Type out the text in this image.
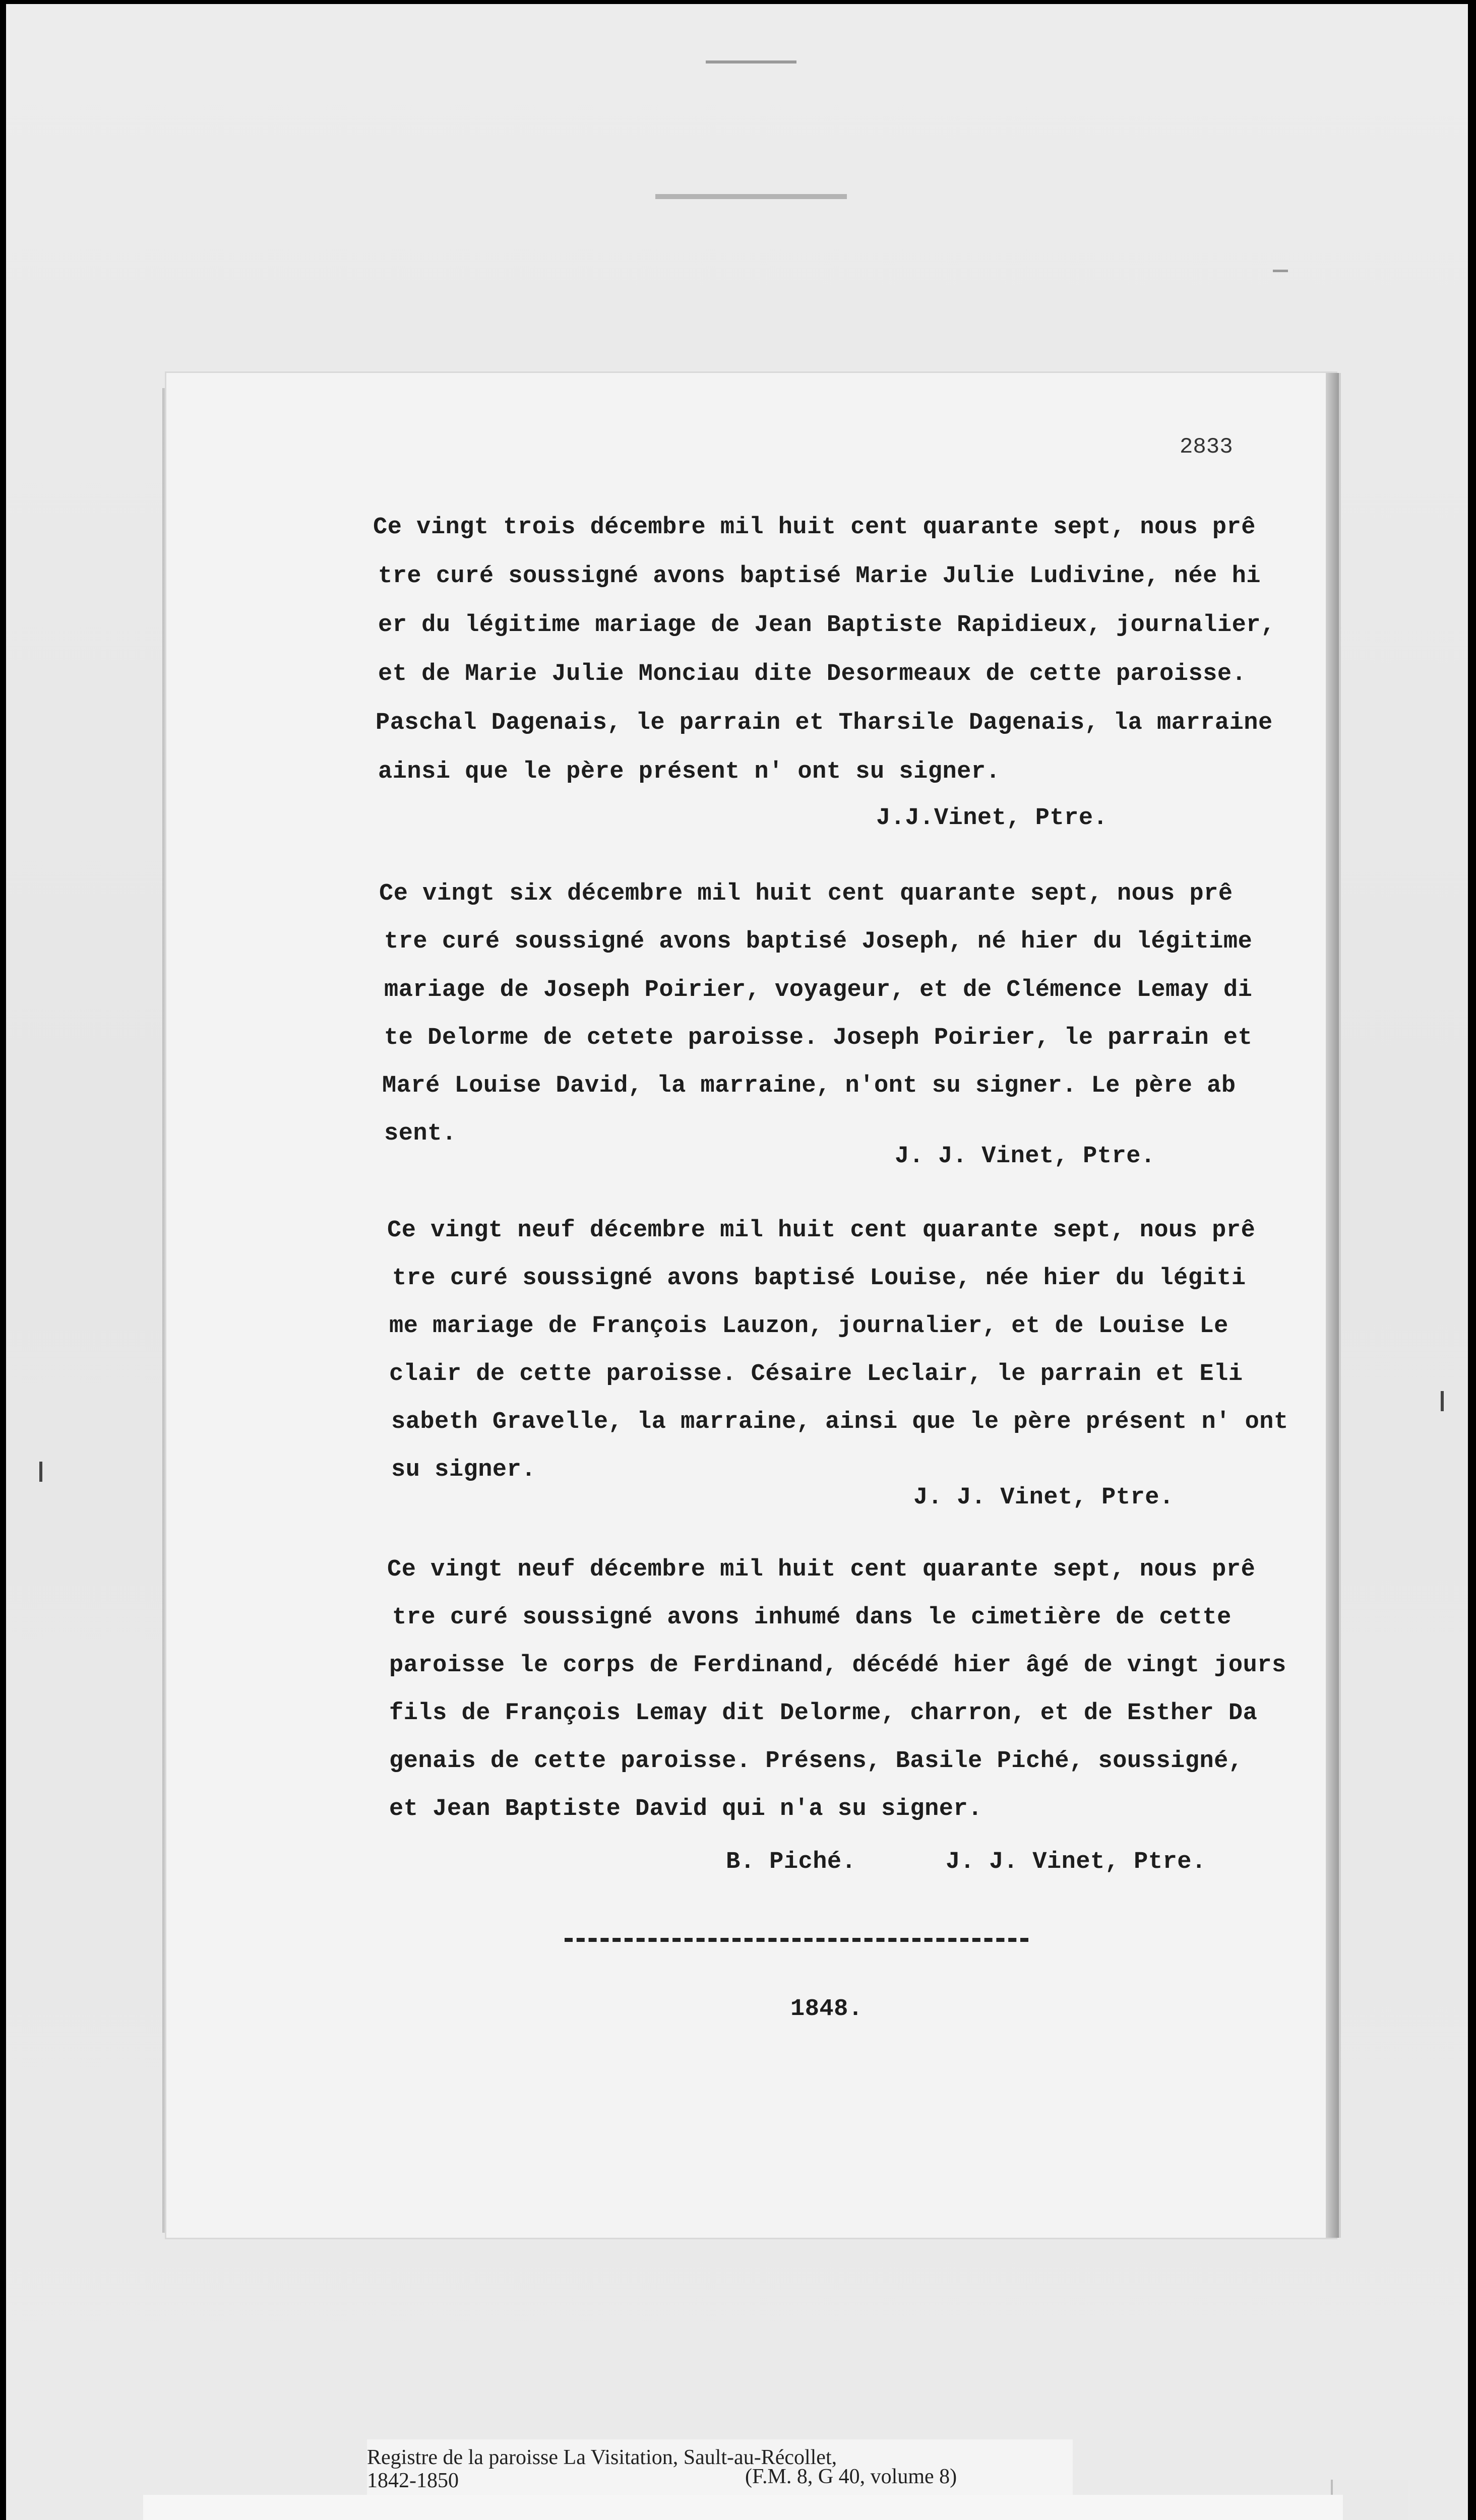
2833
Ce vingt trois décembre mil huit cent quarante sept, nous prê
tre curé soussigné avons baptisé Marie Julie Ludivine, née hi
er du légitime mariage de Jean Baptiste Rapidieux, journalier,
et de Marie Julie Monciau dite Desormeaux de cette paroisse.
Paschal Dagenais, le parrain et Tharsile Dagenais, la marraine
ainsi que le père présent n' ont su signer.
J.J.Vinet, Ptre.
Ce vingt six décembre mil huit cent quarante sept, nous prê
tre curé soussigné avons baptisé Joseph, né hier du légitime
mariage de Joseph Poirier, voyageur, et de Clémence Lemay di
te Delorme de cetete paroisse. Joseph Poirier, le parrain et
Maré Louise David, la marraine, n'ont su signer. Le père ab
sent.
J. J. Vinet, Ptre.
Ce vingt neuf décembre mil huit cent quarante sept, nous prê
tre curé soussigné avons baptisé Louise, née hier du légiti
me mariage de François Lauzon, journalier, et de Louise Le
clair de cette paroisse. Césaire Leclair, le parrain et Eli
sabeth Gravelle, la marraine, ainsi que le père présent n' ont
su signer.
J. J. Vinet, Ptre.
Ce vingt neuf décembre mil huit cent quarante sept, nous prê
tre curé soussigné avons inhumé dans le cimetière de cette
paroisse le corps de Ferdinand, décédé hier âgé de vingt jours
fils de François Lemay dit Delorme, charron, et de Esther Da
genais de cette paroisse. Présens, Basile Piché, soussigné,
et Jean Baptiste David qui n'a su signer.
B. Piché.	J. J. Vinet, Ptre.
1848.
Registre de la paroisse La Visitation, Sault-au-Récollet,
1842-1850	(F.M. 8, G 40, volume 8)
